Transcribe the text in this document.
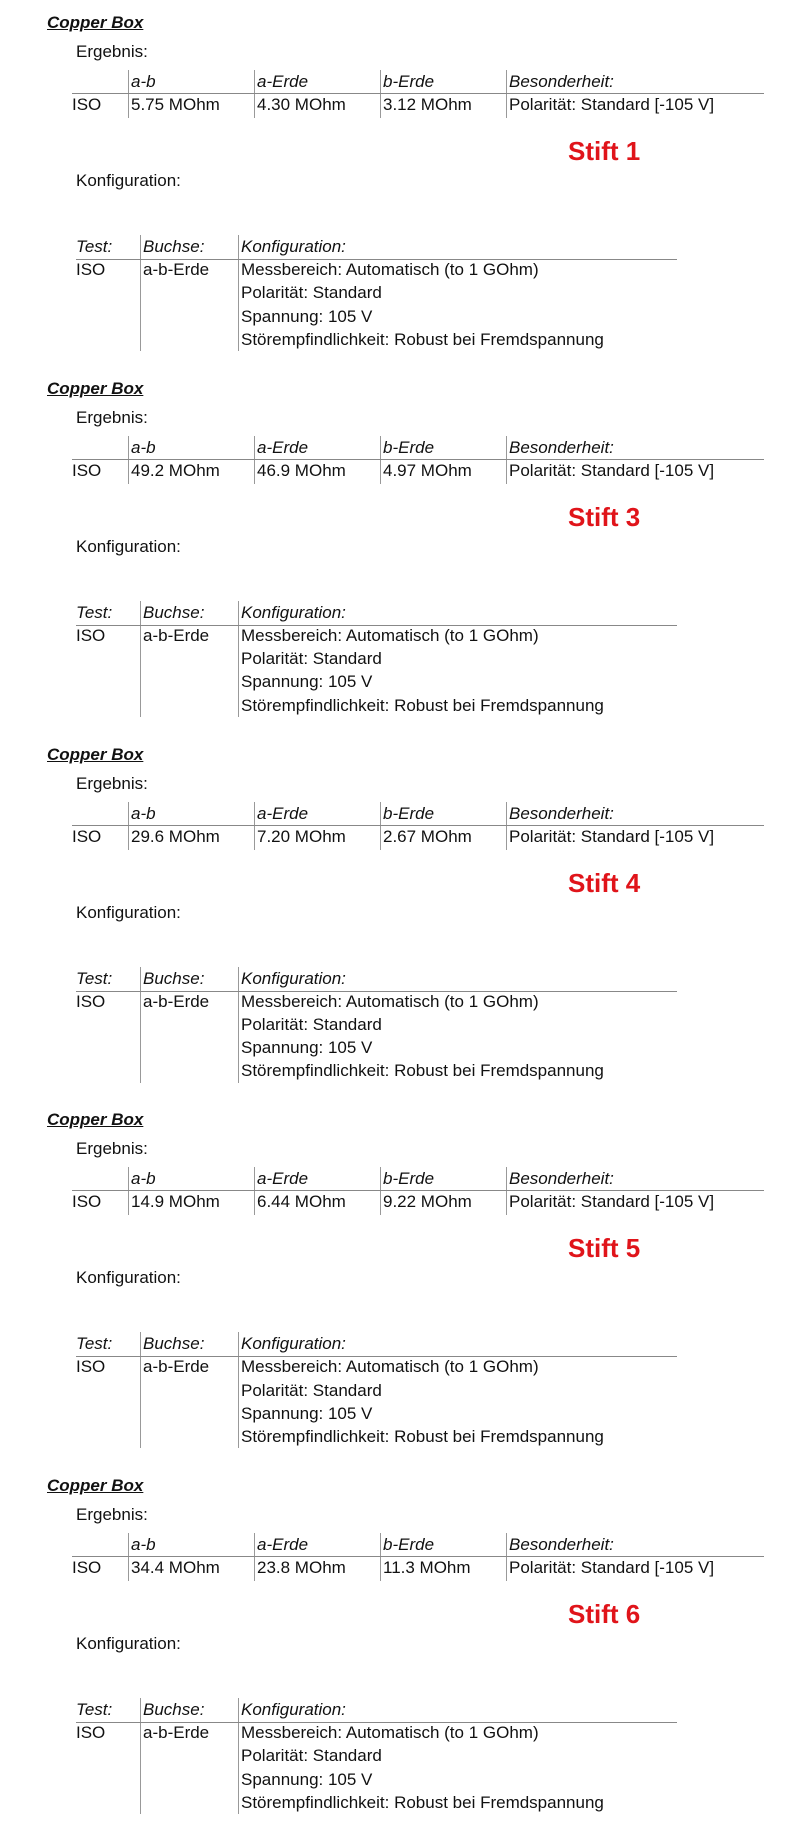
Copper Box
Ergebnis:
ISO
a-b
5.75 MOhm
a-Erde
4.30 MOhm
b-Erde
3.12 MOhm
Besonderheit:
Polarität: Standard [-105 V]
Stift 1
Konfiguration:
Test: Buchse: Konfiguration:
ISO a-b-Erde Messbereich: Automatisch (to 1 GOhm)
Polarität: Standard
Spannung: 105 V
Störempfindlichkeit: Robust bei Fremdspannung
Copper Box
Ergebnis:
ISO
a-b
49.2 MOhm
a-Erde
46.9 MOhm
b-Erde
4.97 MOhm
Besonderheit:
Polarität: Standard [-105 V]
Stift 3
Konfiguration:
Test: Buchse: Konfiguration:
ISO a-b-Erde Messbereich: Automatisch (to 1 GOhm)
Polarität: Standard
Spannung: 105 V
Störempfindlichkeit: Robust bei Fremdspannung
Copper Box
Ergebnis:
ISO
a-b
29.6 MOhm
a-Erde
7.20 MOhm
b-Erde
2.67 MOhm
Besonderheit:
Polarität: Standard [-105 V]
Stift 4
Konfiguration:
Test: Buchse: Konfiguration:
ISO a-b-Erde Messbereich: Automatisch (to 1 GOhm)
Polarität: Standard
Spannung: 105 V
Störempfindlichkeit: Robust bei Fremdspannung
Copper Box
Ergebnis:
ISO
a-b
14.9 MOhm
a-Erde
6.44 MOhm
b-Erde
9.22 MOhm
Besonderheit:
Polarität: Standard [-105 V]
Stift 5
Konfiguration:
Test: Buchse: Konfiguration:
ISO a-b-Erde Messbereich: Automatisch (to 1 GOhm)
Polarität: Standard
Spannung: 105 V
Störempfindlichkeit: Robust bei Fremdspannung
Copper Box
Ergebnis:
ISO
a-b
34.4 MOhm
a-Erde
23.8 MOhm
b-Erde
11.3 MOhm
Besonderheit:
Polarität: Standard [-105 V]
Stift 6
Konfiguration:
Test: Buchse: Konfiguration:
ISO a-b-Erde Messbereich: Automatisch (to 1 GOhm)
Polarität: Standard
Spannung: 105 V
Störempfindlichkeit: Robust bei Fremdspannung
